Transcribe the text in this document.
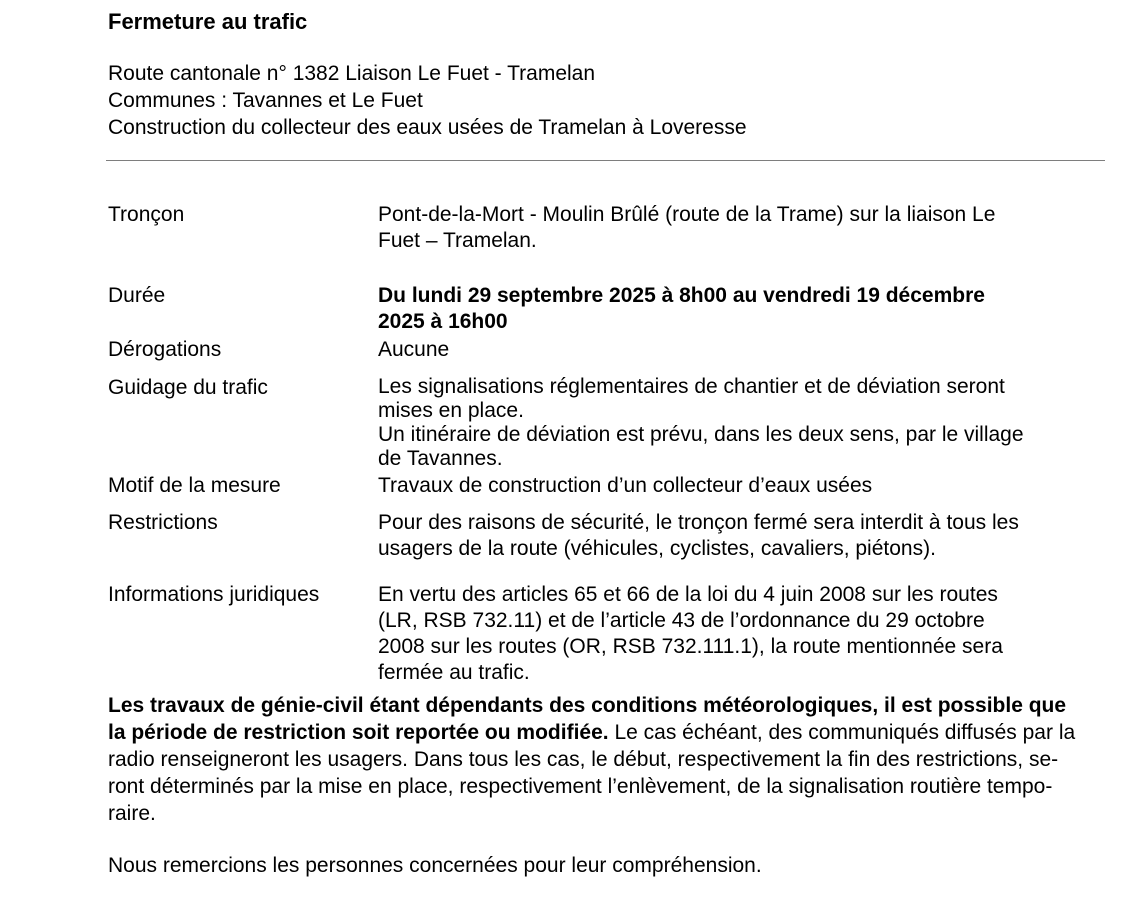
Fermeture au trafic
Route cantonale n° 1382 Liaison Le Fuet - Tramelan
Communes : Tavannes et Le Fuet
Construction du collecteur des eaux usées de Tramelan à Loveresse
Tronçon	Pont-de-la-Mort - Moulin Brûlé (route de la Trame) sur la liaison Le
Fuet – Tramelan.
Durée	Du lundi 29 septembre 2025 à 8h00 au vendredi 19 décembre
2025 à 16h00
Dérogations	Aucune
Guidage du trafic	Les signalisations réglementaires de chantier et de déviation seront
mises en place.
Un itinéraire de déviation est prévu, dans les deux sens, par le village
de Tavannes.
Motif de la mesure	Travaux de construction d’un collecteur d’eaux usées
Restrictions	Pour des raisons de sécurité, le tronçon fermé sera interdit à tous les
usagers de la route (véhicules, cyclistes, cavaliers, piétons).
Informations juridiques	En vertu des articles 65 et 66 de la loi du 4 juin 2008 sur les routes
(LR, RSB 732.11) et de l’article 43 de l’ordonnance du 29 octobre
2008 sur les routes (OR, RSB 732.111.1), la route mentionnée sera
fermée au trafic.
Les travaux de génie-civil étant dépendants des conditions météorologiques, il est possible que
la période de restriction soit reportée ou modifiée. Le cas échéant, des communiqués diffusés par la
radio renseigneront les usagers. Dans tous les cas, le début, respectivement la fin des restrictions, se-
ront déterminés par la mise en place, respectivement l’enlèvement, de la signalisation routière tempo-
raire.
Nous remercions les personnes concernées pour leur compréhension.
